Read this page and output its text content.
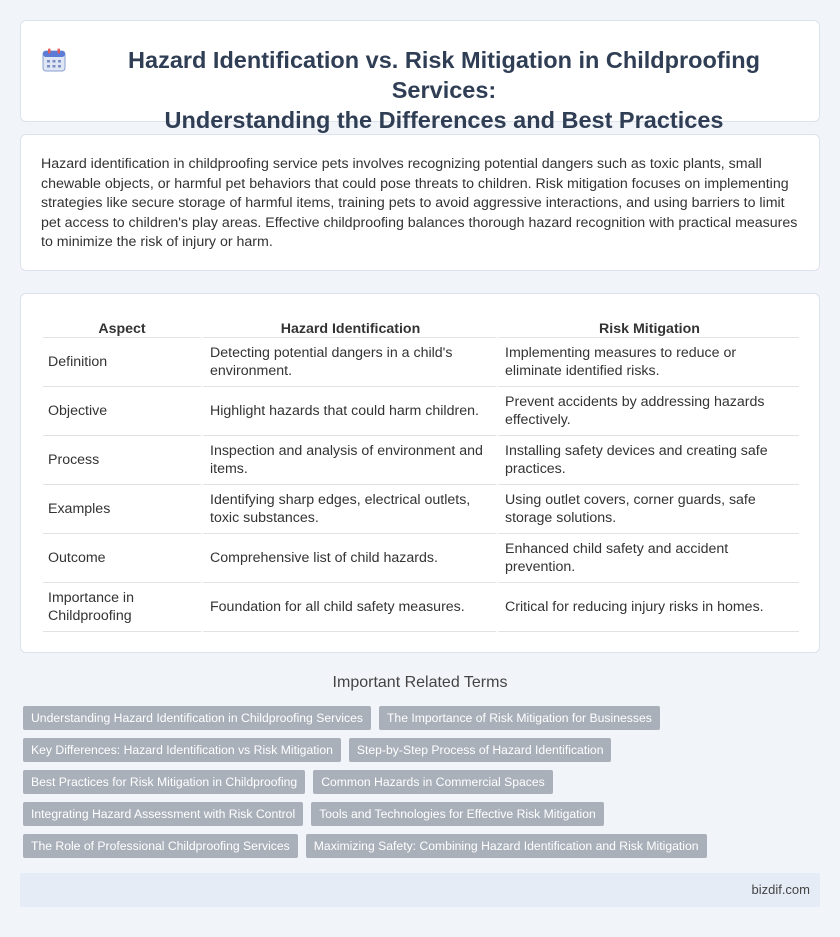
Hazard Identification vs. Risk Mitigation in Childproofing Services:
Understanding the Differences and Best Practices

Hazard identification in childproofing service pets involves recognizing potential dangers such as toxic plants, small chewable objects, or harmful pet behaviors that could pose threats to children. Risk mitigation focuses on implementing strategies like secure storage of harmful items, training pets to avoid aggressive interactions, and using barriers to limit pet access to children's play areas. Effective childproofing balances thorough hazard recognition with practical measures to minimize the risk of injury or harm.

Aspect	Hazard Identification	Risk Mitigation
Definition	Detecting potential dangers in a child's environment.	Implementing measures to reduce or eliminate identified risks.
Objective	Highlight hazards that could harm children.	Prevent accidents by addressing hazards effectively.
Process	Inspection and analysis of environment and items.	Installing safety devices and creating safe practices.
Examples	Identifying sharp edges, electrical outlets, toxic substances.	Using outlet covers, corner guards, safe storage solutions.
Outcome	Comprehensive list of child hazards.	Enhanced child safety and accident prevention.
Importance in Childproofing	Foundation for all child safety measures.	Critical for reducing injury risks in homes.
Important Related Terms
Understanding Hazard Identification in Childproofing Services	The Importance of Risk Mitigation for Businesses
Key Differences: Hazard Identification vs Risk Mitigation	Step-by-Step Process of Hazard Identification
Best Practices for Risk Mitigation in Childproofing	Common Hazards in Commercial Spaces
Integrating Hazard Assessment with Risk Control	Tools and Technologies for Effective Risk Mitigation
The Role of Professional Childproofing Services	Maximizing Safety: Combining Hazard Identification and Risk Mitigation
bizdif.com
